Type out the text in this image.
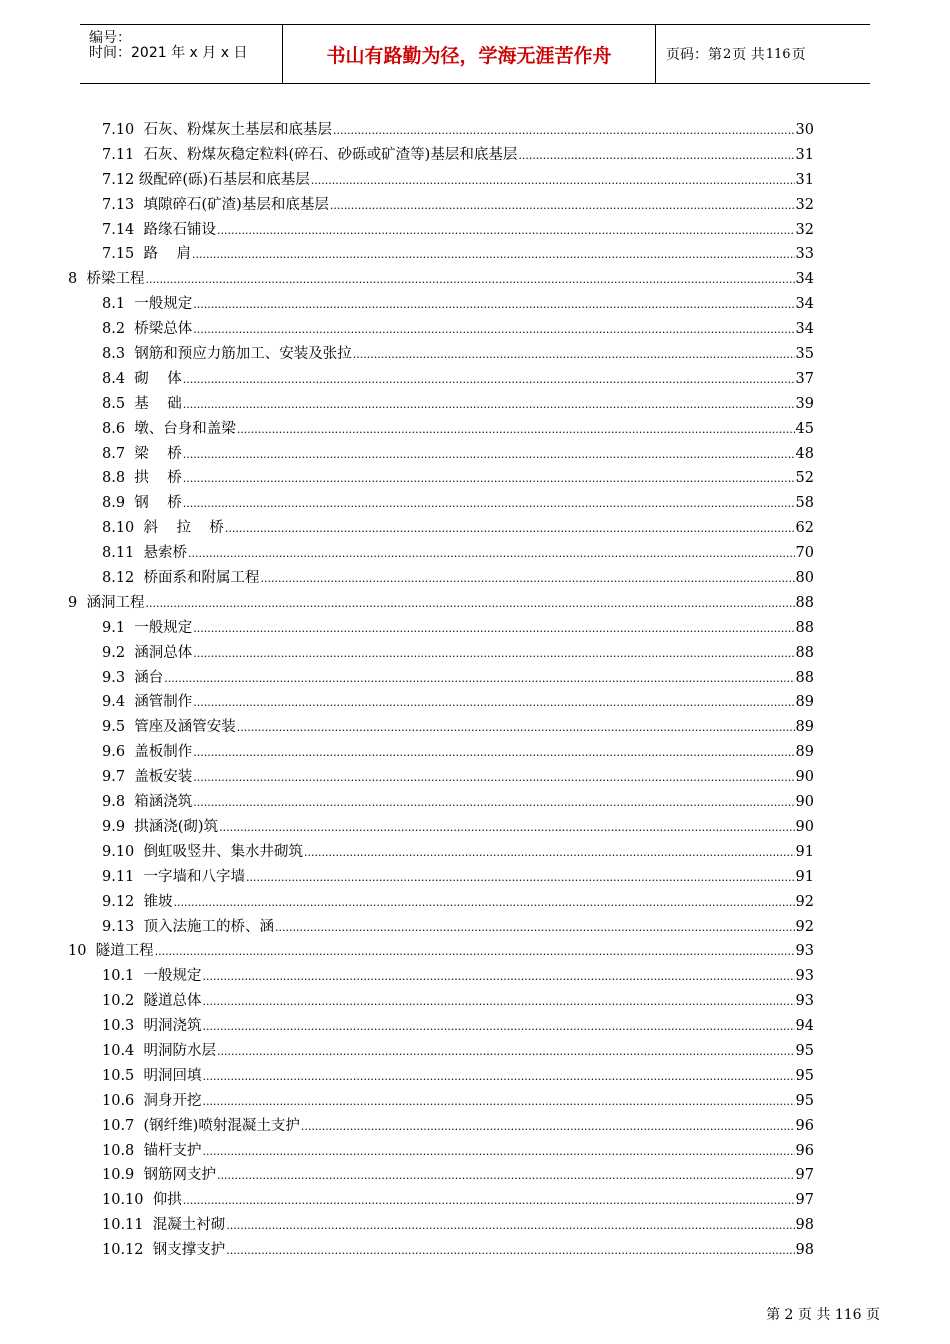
编号：
时间：2021 年 x 月 x 日	书山有路勤为径，学海无涯苦作舟	页码：第 2 页 共 116 页
7.10  石灰、粉煤灰土基层和底基层 .....	30
7.11  石灰、粉煤灰稳定粒料(碎石、砂砾或矿渣等)基层和底基层 .....	31
7.12 级配碎(砾)石基层和底基层 .....	31
7.13  填隙碎石(矿渣)基层和底基层 .....	32
7.14  路缘石铺设 .....	32
7.15  路    肩 .....	33
8  桥梁工程 .....	34
8.1  一般规定 .....	34
8.2  桥梁总体 .....	34
8.3  钢筋和预应力筋加工、安装及张拉 .....	35
8.4  砌    体 .....	37
8.5  基    础 .....	39
8.6  墩、台身和盖梁 .....	45
8.7  梁    桥 .....	48
8.8  拱    桥 .....	52
8.9  钢    桥 .....	58
8.10  斜    拉    桥 .....	62
8.11  悬索桥 .....	70
8.12  桥面系和附属工程 .....	80
9  涵洞工程 .....	88
9.1  一般规定 .....	88
9.2  涵洞总体 .....	88
9.3  涵台 .....	88
9.4  涵管制作 .....	89
9.5  管座及涵管安装 .....	89
9.6  盖板制作 .....	89
9.7  盖板安装 .....	90
9.8  箱涵浇筑 .....	90
9.9  拱涵浇(砌)筑 .....	90
9.10  倒虹吸竖井、集水井砌筑 .....	91
9.11  一字墙和八字墙 .....	91
9.12  锥坡 .....	92
9.13  顶入法施工的桥、涵 .....	92
10  隧道工程 .....	93
10.1  一般规定 .....	93
10.2  隧道总体 .....	93
10.3  明洞浇筑 .....	94
10.4  明洞防水层 .....	95
10.5  明洞回填 .....	95
10.6  洞身开挖 .....	95
10.7  (钢纤维)喷射混凝土支护 .....	96
10.8  锚杆支护 .....	96
10.9  钢筋网支护 .....	97
10.10  仰拱 .....	97
10.11  混凝土衬砌 .....	98
10.12  钢支撑支护 .....	98
第 2 页 共 116 页
